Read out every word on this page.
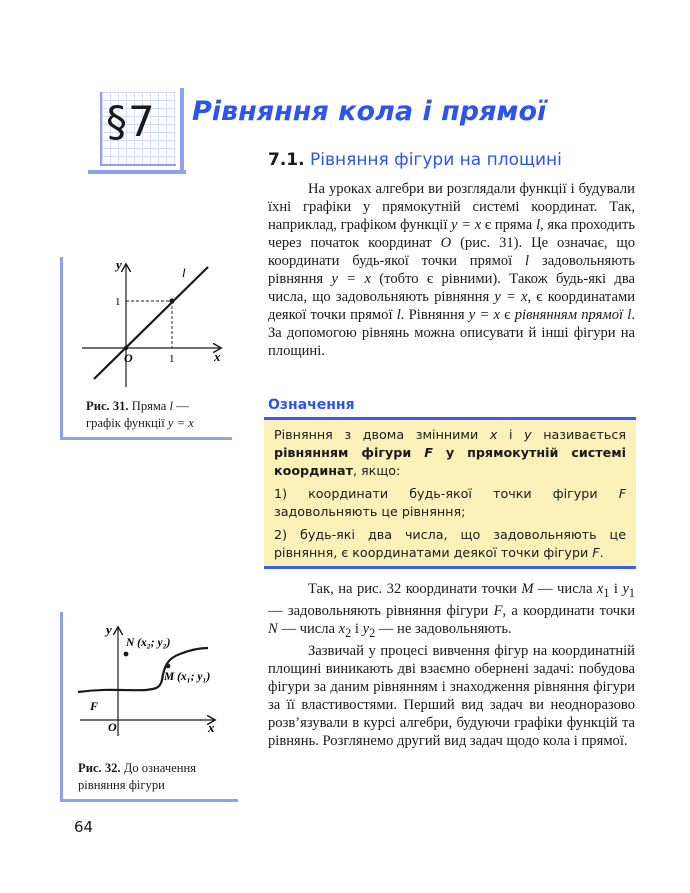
§7 Рівняння кола і прямої
7.1. Рівняння фігури на площині

На уроках алгебри ви розглядали функції і будували їхні графіки у прямокутній системі координат. Так, наприклад, графіком функції y = x є пряма l, яка проходить через початок координат O (рис. 31). Це означає, що координати будь-якої точки прямої l задовольняють рівняння y = x (тобто є рівними). Також будь-які два числа, що задовольняють рівняння y = x, є координатами деякої точки прямої l. Рівняння y = x є рівнянням прямої l. За допомогою рівнянь можна описувати й інші фігури на площині.

Означення

Рівняння з двома змінними x і y називається рівнянням фігури F у прямокутній системі координат, якщо:

1) координати будь-якої точки фігури F задовольняють це рівняння;

2) будь-які два числа, що задовольняють це рівняння, є координатами деякої точки фігури F.

Так, на рис. 32 координати точки M — числа $x_1$ і $y_1$ — задовольняють рівняння фігури F, а координати точки N — числа $x_2$ і $y_2$ — не задовольняють.

Зазвичай у процесі вивчення фігур на координатній площині виникають дві взаємно обернені задачі: побудова фігури за даним рівнянням і знаходження рівняння фігури за її властивостями. Перший вид задач ви неодноразово розв’язували в курсі алгебри, будуючи графіки функцій та рівнянь. Розглянемо другий вид задач щодо кола і прямої.

y
x
l
O	1
1
Рис. 31. Пряма l — графік функції y = x
y
x
O
F
N (x₂; y₂)
M (x₁; y₁)
Рис. 32. До означення рівняння фігури
64
